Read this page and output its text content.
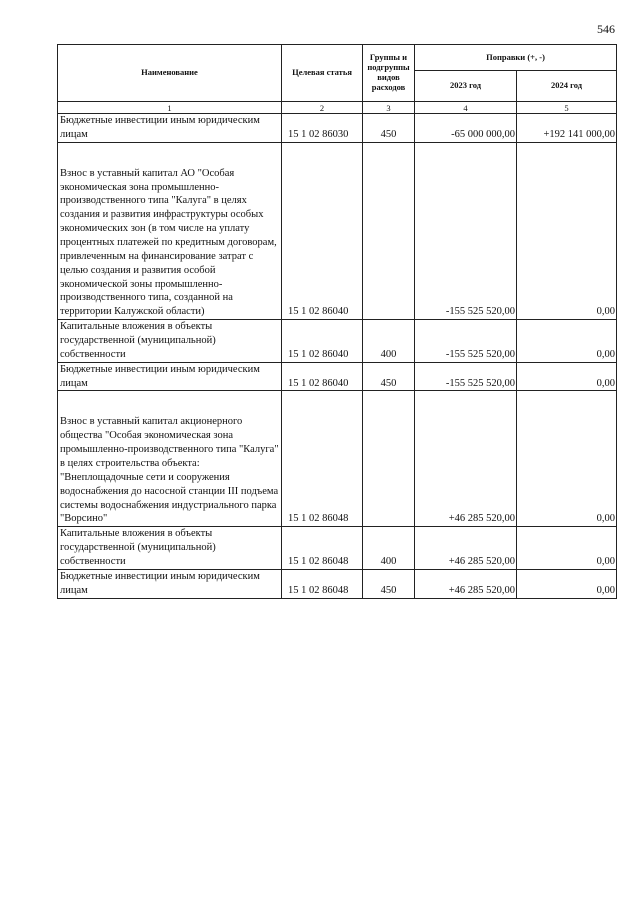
546
Наименование	Целевая статья	Группы и подгруппы видов расходов	Поправки (+, -)	
			2023 год	2024 год
1	2	3	4	5
Бюджетные инвестиции иным юридическим лицам	15 1 02 86030	450	-65 000 000,00	+192 141 000,00
Взнос в уставный капитал АО "Особая экономическая зона промышленно-производственного типа "Калуга" в целях создания и развития инфраструктуры особых экономических зон (в том числе на уплату процентных платежей по кредитным договорам, привлеченным на финансирование затрат с целью создания и развития особой экономической зоны промышленно-производственного типа, созданной на территории Калужской области)	15 1 02 86040		-155 525 520,00	0,00
Капитальные вложения в объекты государственной (муниципальной) собственности	15 1 02 86040	400	-155 525 520,00	0,00
Бюджетные инвестиции иным юридическим лицам	15 1 02 86040	450	-155 525 520,00	0,00
Взнос в уставный капитал акционерного общества "Особая экономическая зона промышленно-производственного типа "Калуга" в целях строительства объекта: "Внеплощадочные сети и сооружения водоснабжения до насосной станции III подъема системы водоснабжения индустриального парка "Ворсино"	15 1 02 86048		+46 285 520,00	0,00
Капитальные вложения в объекты государственной (муниципальной) собственности	15 1 02 86048	400	+46 285 520,00	0,00
Бюджетные инвестиции иным юридическим лицам	15 1 02 86048	450	+46 285 520,00	0,00
